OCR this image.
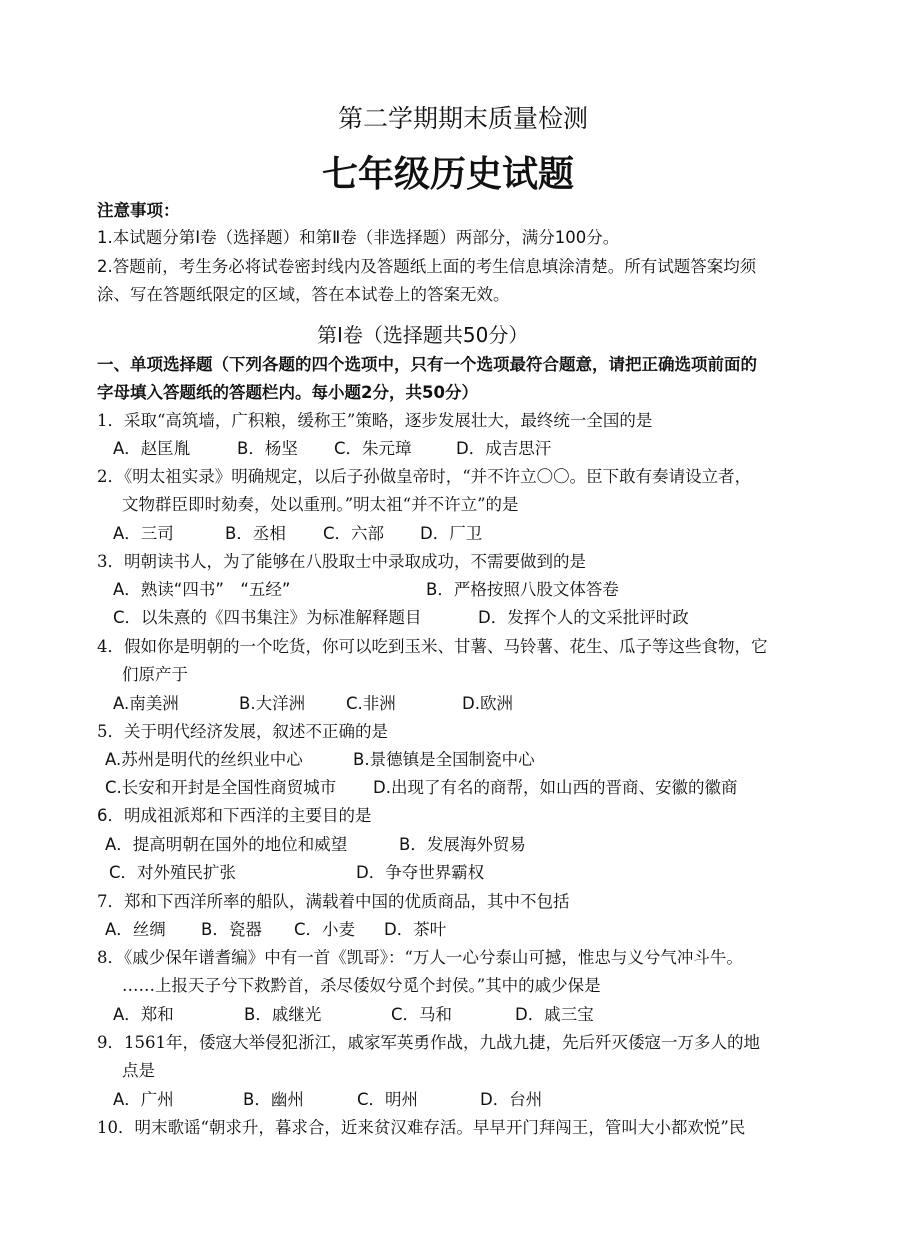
第二学期期末质量检测
七年级历史试题
注意事项：
1.本试题分第Ⅰ卷（选择题）和第Ⅱ卷（非选择题）两部分，满分100分。
2.答题前，考生务必将试卷密封线内及答题纸上面的考生信息填涂清楚。所有试题答案均须
涂、写在答题纸限定的区域，答在本试卷上的答案无效。
第Ⅰ卷（选择题共50分）
一、单项选择题（下列各题的四个选项中，只有一个选项最符合题意，请把正确选项前面的
字母填入答题纸的答题栏内。每小题2分，共50分）
1．采取“高筑墙，广积粮，缓称王”策略，逐步发展壮大，最终统一全国的是
A．赵匡胤	B．杨坚 C．朱元璋	D．成吉思汗
2．《明太祖实录》明确规定，以后子孙做皇帝时，“并不许立〇〇。臣下敢有奏请设立者，
文物群臣即时劾奏，处以重刑。”明太祖“并不许立”的是
A．三司	B．丞相 C．六部 D．厂卫
3．明朝读书人，为了能够在八股取士中录取成功，不需要做到的是
A．熟读“四书”　“五经”	B．严格按照八股文体答卷
C．以朱熹的《四书集注》为标准解释题目	D．发挥个人的文采批评时政
4．假如你是明朝的一个吃货，你可以吃到玉米、甘薯、马铃薯、花生、瓜子等这些食物，它
们原产于
A.南美洲	B.大洋洲 C.非洲	D.欧洲
5．关于明代经济发展，叙述不正确的是
A.苏州是明代的丝织业中心	B.景德镇是全国制瓷中心
C.长安和开封是全国性商贸城市 D.出现了有名的商帮，如山西的晋商、安徽的徽商
6．明成祖派郑和下西洋的主要目的是
A．提高明朝在国外的地位和威望	B．发展海外贸易
C．对外殖民扩张	D．争夺世界霸权
7．郑和下西洋所率的船队，满载着中国的优质商品，其中不包括
A．丝绸 B．瓷器 C．小麦 D．茶叶
8．《戚少保年谱耆编》中有一首《凯哥》：“万人一心兮泰山可撼，惟忠与义兮气冲斗牛。
……上报天子兮下救黔首，杀尽倭奴兮觅个封侯。”其中的戚少保是
A．郑和	B．戚继光	C．马和	D．戚三宝
9．1561年，倭寇大举侵犯浙江，戚家军英勇作战，九战九捷，先后歼灭倭寇一万多人的地
点是
A．广州	B．幽州	C．明州	D．台州
10．明末歌谣“朝求升，暮求合，近来贫汉难存活。早早开门拜闯王，管叫大小都欢悦”民
